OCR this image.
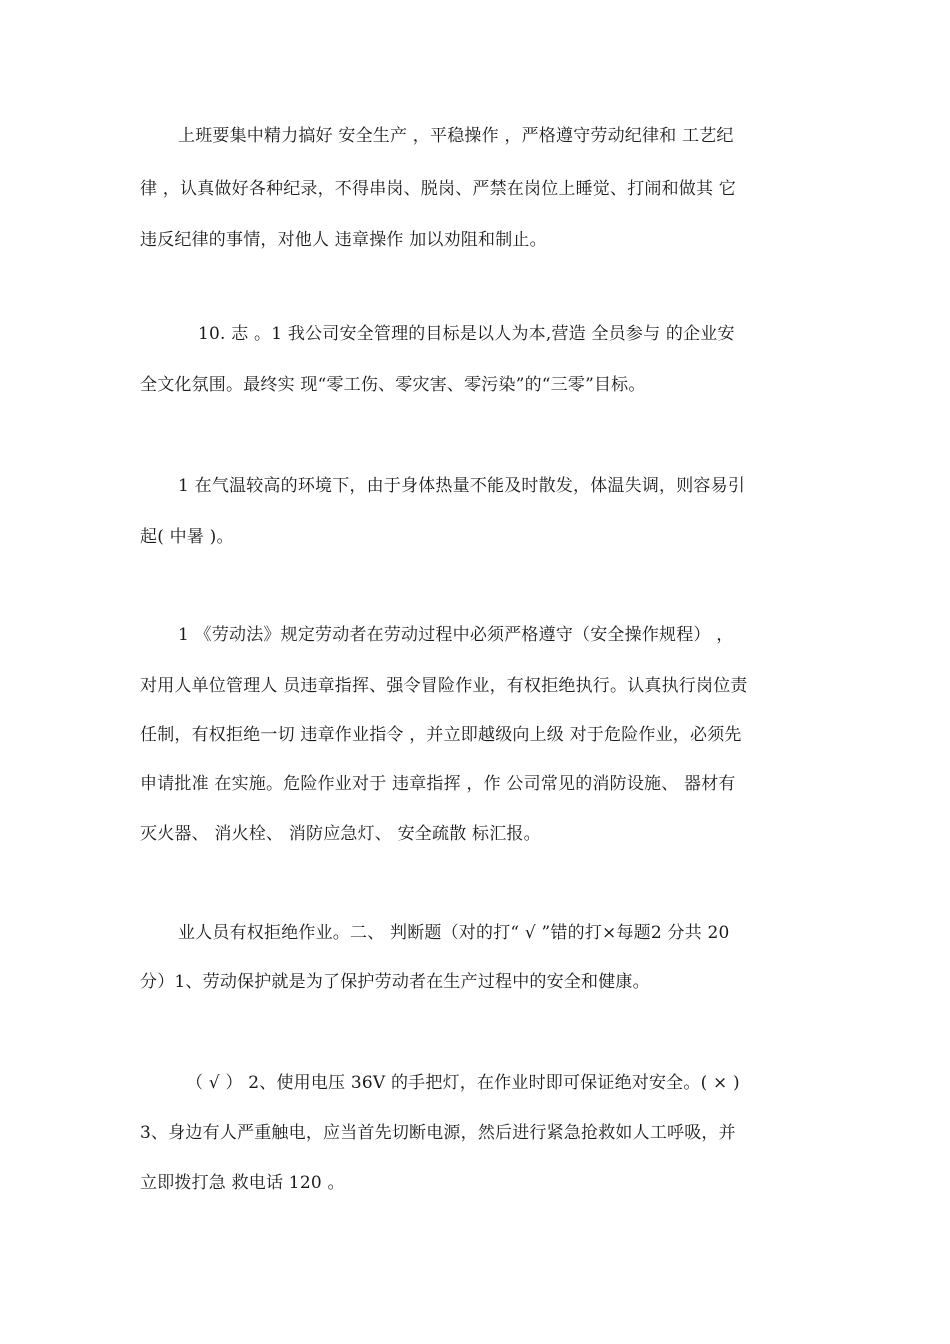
上班要集中精力搞好 安全生产 ，平稳操作 ，严格遵守劳动纪律和 工艺纪
律 ，认真做好各种纪录，不得串岗、脱岗、严禁在岗位上睡觉、打闹和做其 它
违反纪律的事情，对他人 违章操作 加以劝阻和制止。
10. 志 。1 我公司安全管理的目标是以人为本,营造 全员参与 的企业安
全文化氛围。最终实 现“零工伤、零灾害、零污染”的“三零”目标。
1 在气温较高的环境下，由于身体热量不能及时散发，体温失调，则容易引
起( 中暑 )。
1 《劳动法》规定劳动者在劳动过程中必须严格遵守（安全操作规程） ，
对用人单位管理人 员违章指挥、强令冒险作业，有权拒绝执行。认真执行岗位责
任制，有权拒绝一切 违章作业指令 ，并立即越级向上级 对于危险作业，必须先
申请批准 在实施。危险作业对于 违章指挥 ，作 公司常见的消防设施、 器材有
灭火器、 消火栓、 消防应急灯、 安全疏散 标汇报。
业人员有权拒绝作业。二、 判断题（对的打“ √ ”错的打×每题2 分共 20
分）1、劳动保护就是为了保护劳动者在生产过程中的安全和健康。
（ √ ） 2、使用电压 36V 的手把灯，在作业时即可保证绝对安全。( × )
3、身边有人严重触电，应当首先切断电源，然后进行紧急抢救如人工呼吸，并
立即拨打急 救电话 120 。
